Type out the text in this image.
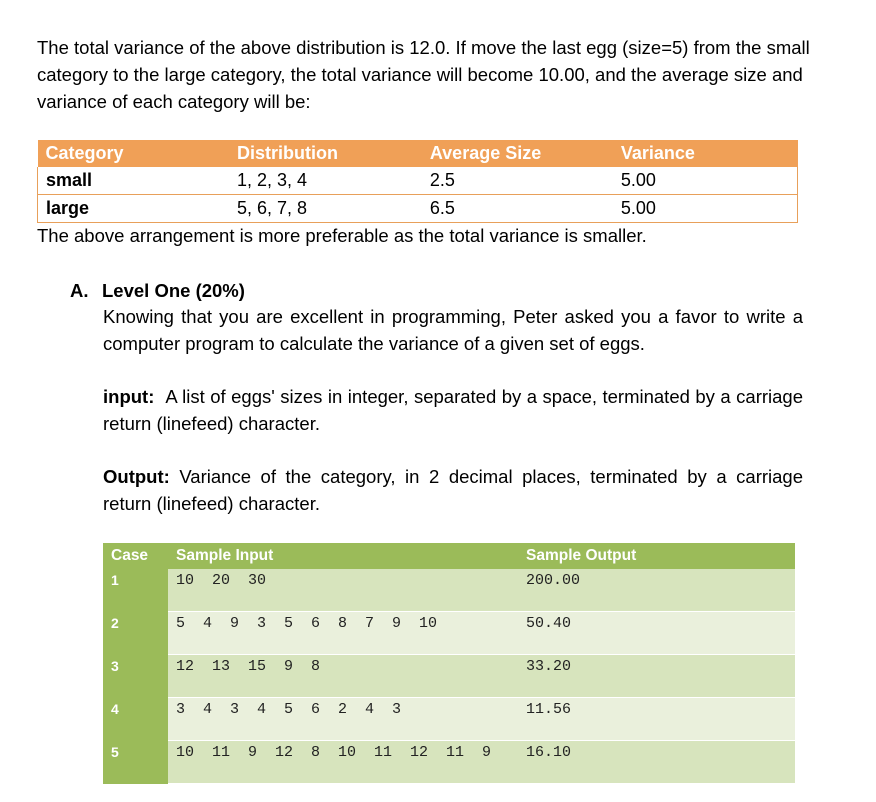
The total variance of the above distribution is 12.0. If move the last egg (size=5) from the small category to the large category, the total variance will become 10.00, and the average size and variance of each category will be:
Category	Distribution	Average Size	Variance
small	1, 2, 3, 4	2.5	5.00
large	5, 6, 7, 8	6.5	5.00
The above arrangement is more preferable as the total variance is smaller.
A. Level One (20%)
Knowing that you are excellent in programming, Peter asked you a favor to write a computer program to calculate the variance of a given set of eggs.
input: A list of eggs' sizes in integer, separated by a space, terminated by a carriage return (linefeed) character.
Output: Variance of the category, in 2 decimal places, terminated by a carriage return (linefeed) character.
Case	Sample Input	Sample Output
1	10  20  30	200.00
2	5  4  9  3  5  6  8  7  9  10	50.40
3	12  13  15  9  8	33.20
4	3  4  3  4  5  6  2  4  3	11.56
5	10  11  9  12  8  10  11  12  11  9	16.10
